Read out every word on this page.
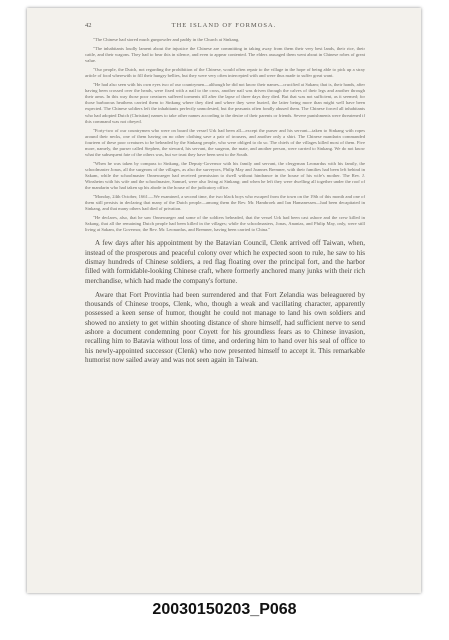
42	THE ISLAND OF FORMOSA.

"The Chinese had stored much gunpowder and paddy in the Church at Sinkang.

"The inhabitants loudly lament about the injustice the Chinese are committing in taking away from them their very best lands, their rice, their cattle, and their wagons. They had to bear this in silence, and even to appear contented. The elders assuaged them went about in Chinese robes of great value.

"Our people, the Dutch, not regarding the prohibition of the Chinese, would often repair to the village in the hope of being able to pick up a stray article of food wherewith to fill their hungry bellies, but they were very often intercepted with and were thus made to suffer great want.

"He had also seen with his own eyes two of our countrymen—although he did not know their names—crucified at Sakam; that is, their hands, after having been crossed over the heads, were fixed with a nail to the cross, another nail was driven through the calves of their legs and another through their arms. In this way those poor creatures suffered torments till after the lapse of three days they died. But that was not sufficient, as it seemed; for those barbarous heathens carried them to Sinkang where they died and where they were buried, the latter being more than might well have been expected. The Chinese soldiers left the inhabitants perfectly unmolested, but the peasants often fondly abused them. The Chinese forced all inhabitants who had adopted Dutch (Christian) names to take other names according to the desire of their parents or friends. Severe punishments were threatened if this command was not obeyed.

"Forty-two of our countrymen who were on board the vessel Urk had been all—except the purser and his servant—taken to Sinkang with ropes around their necks, one of them having on no other clothing save a pair of trousers, and another only a shirt. The Chinese mandarin commanded fourteen of these poor creatures to be beheaded by the Sinkang people, who were obliged to do so. The chiefs of the villages killed most of them. Five more, namely, the purser called Stephen, the steward, his servant, the surgeon, the mate, and another person, were carried to Sinkang. We do not know what the subsequent fate of the others was, but we trust they have been sent to the South.

"When he was taken by compass to Sinkang, the Deputy-Governor with his family and servant, the clergyman Leonardus with his family, the schoolmaster Jonas, all the surgeons of the villages, as also the surveyors, Philip May and Joannes Bremner, with their families had been left behind in Sakam, while the schoolmaster Onnewaeger had received permission to dwell without hindrance in the house of his wife's mother. The Rev. J. Winsheim with his wife and the schoolmaster, Samuel, were also living at Sinkang; and when he left they were dwelling all together under the roof of the mandarin who had taken up his abode in the house of the judicatory office.

"Monday, 24th October, 1661.—We examined, a second time, the two black boys who escaped from the town on the 19th of this month and one of them still persists in declaring that many of the Dutch people—among them the Rev. Mr. Hambroek and Ian Hamanessen—had been decapitated in Sinkang, and that many others had died of privation.

"He declares, also, that he saw Onnewaeger and some of the soldiers beheaded, that the vessel Urk had been cast ashore and the crew killed in Sakang, that all the remaining Dutch people had been killed in the villages; while the schoolmasters, Jonas, Ananias, and Philip May, only, were still living at Sakam, the Governor, the Rev. Mr. Leonardus, and Bremner, having been carried to China."

A few days after his appointment by the Batavian Council, Clenk arrived off Taiwan, when, instead of the prosperous and peaceful colony over which he expected soon to rule, he saw to his dismay hundreds of Chinese soldiers, a red flag floating over the principal fort, and the harbor filled with formidable-looking Chinese craft, where formerly anchored many junks with their rich merchandise, which had made the company's fortune.

Aware that Fort Provintia had been surrendered and that Fort Zelandia was beleaguered by thousands of Chinese troops, Clenk, who, though a weak and vacillating character, apparently possessed a keen sense of humor, thought he could not manage to land his own soldiers and showed no anxiety to get within shooting distance of shore himself, had sufficient nerve to send ashore a document condemning poor Coyett for his groundless fears as to Chinese invasion, recalling him to Batavia without loss of time, and ordering him to hand over his seal of office to his newly-appointed successor (Clenk) who now presented himself to accept it. This remarkable humorist now sailed away and was not seen again in Taiwan.

20030150203_P068
